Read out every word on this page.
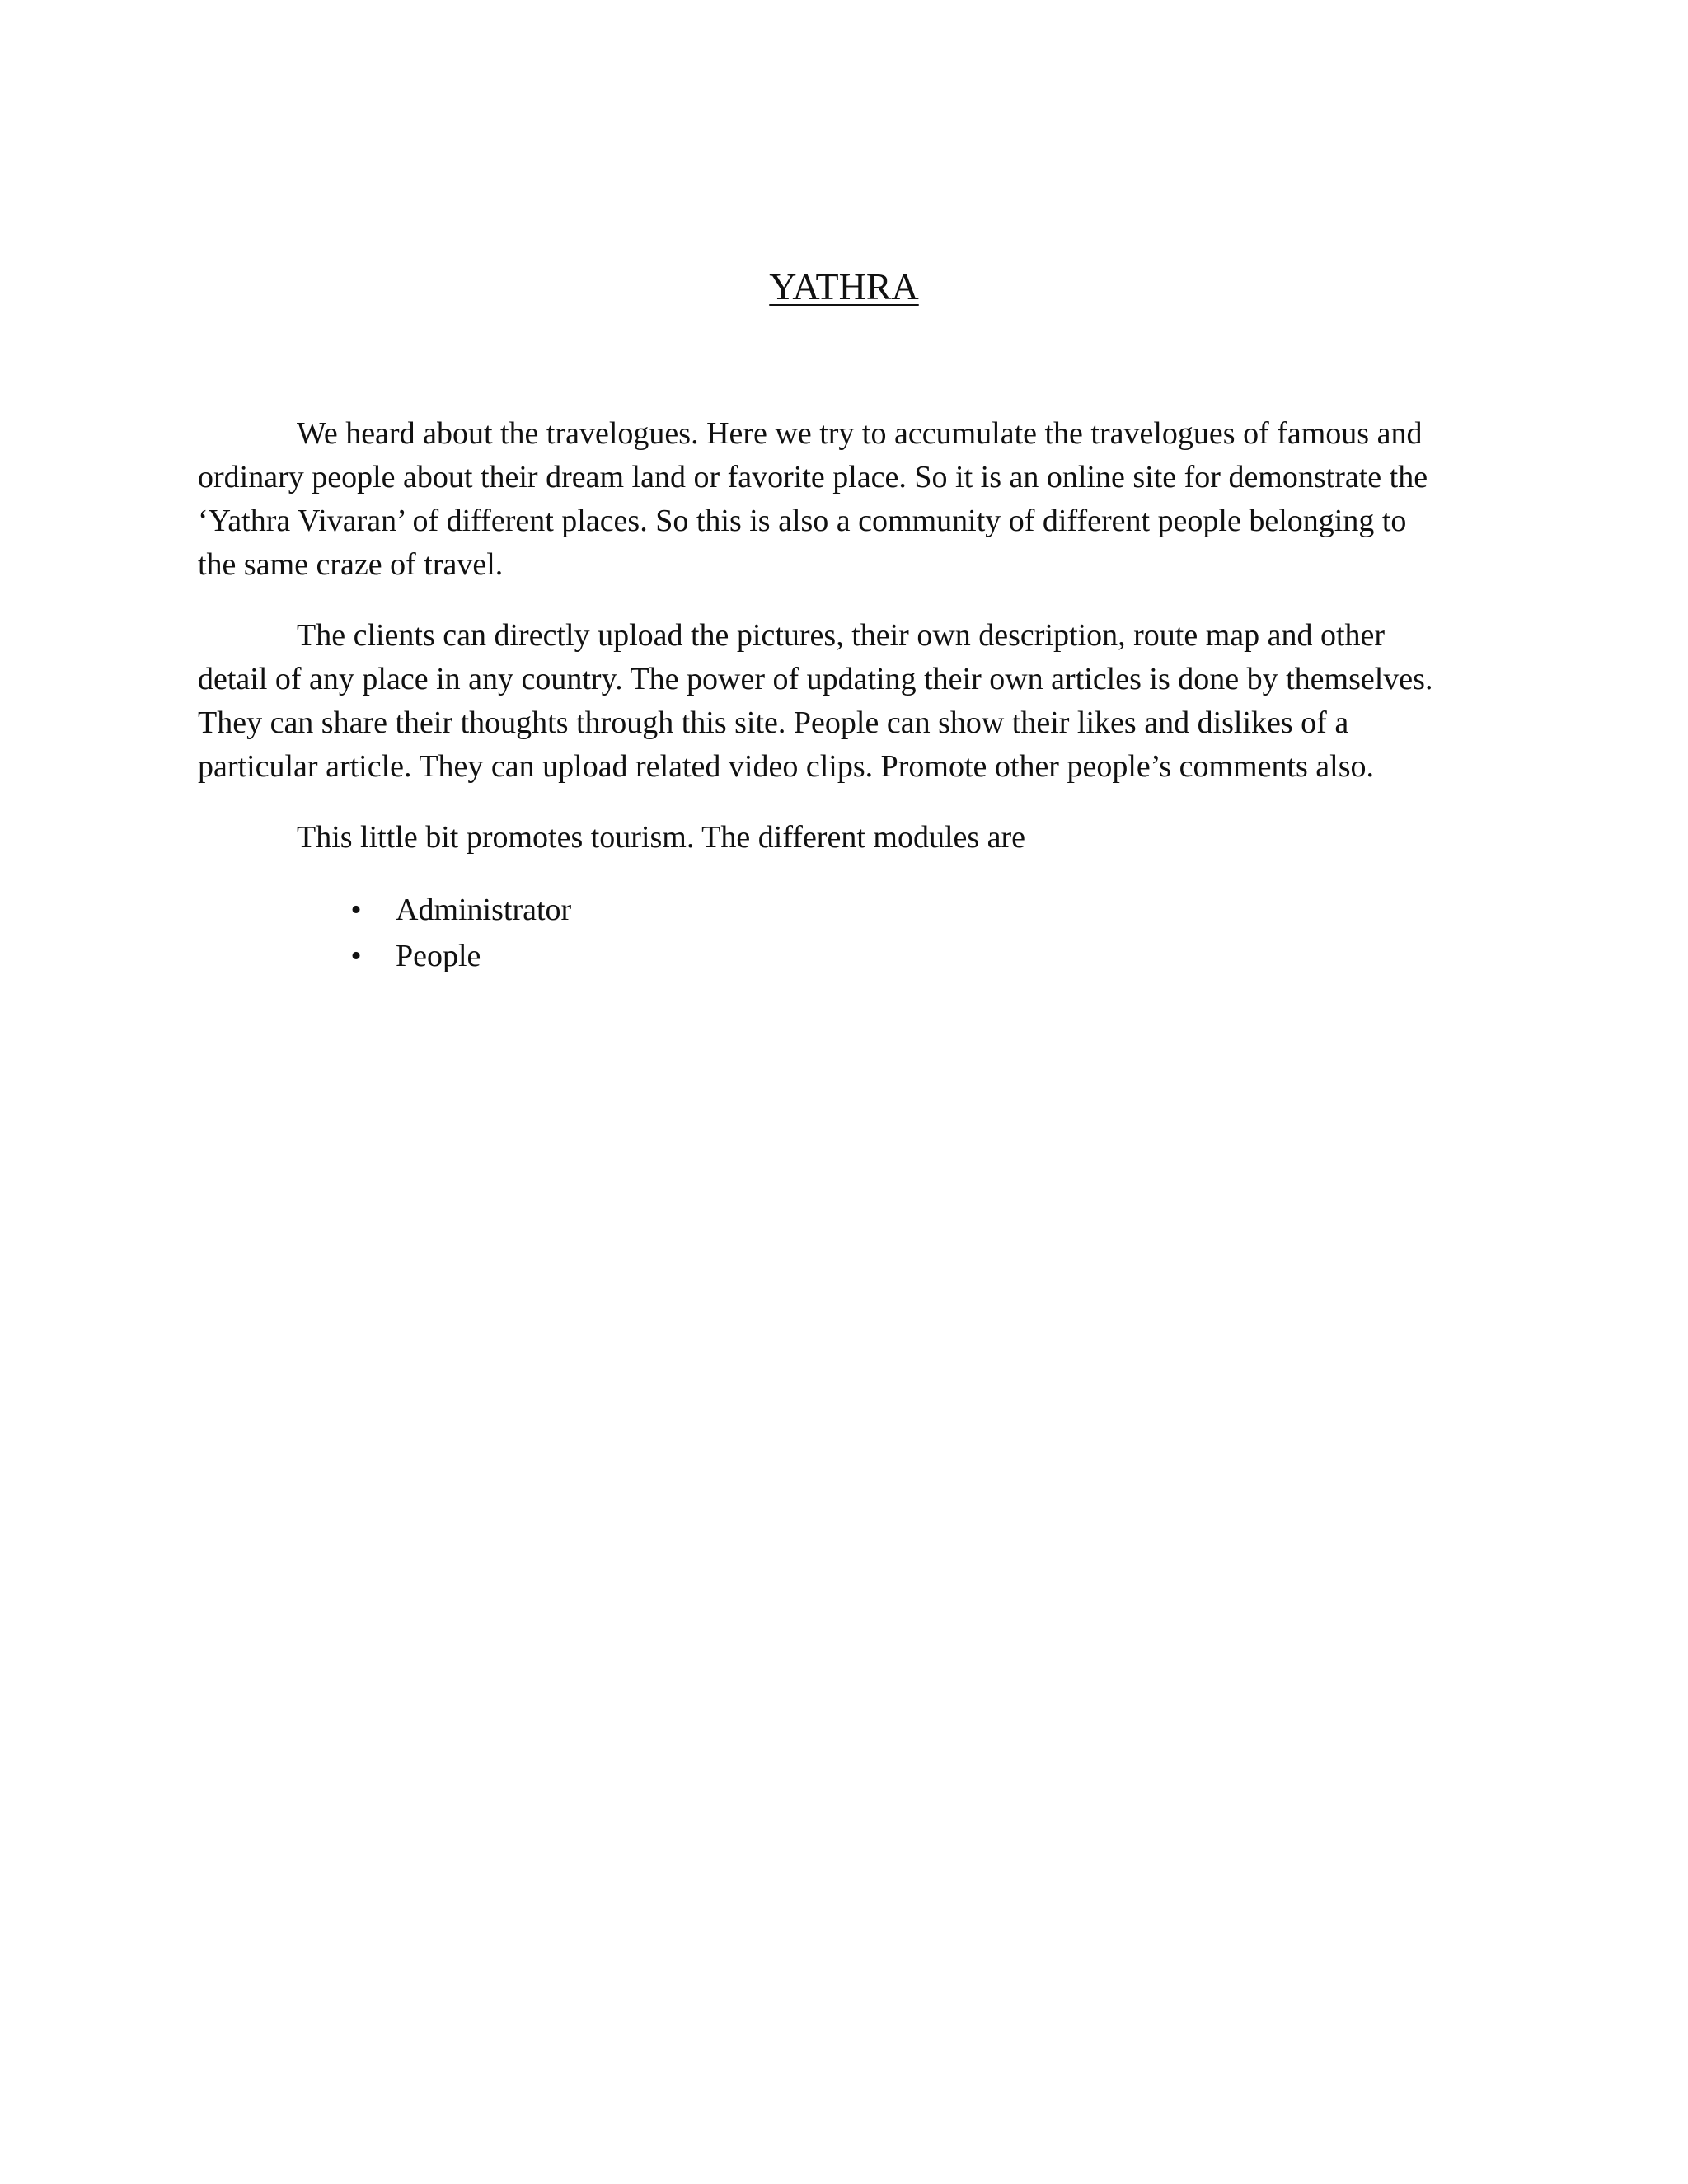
YATHRA

We heard about the travelogues. Here we try to accumulate the travelogues of famous and ordinary people about their dream land or favorite place. So it is an online site for demonstrate the ‘Yathra Vivaran’ of different places. So this is also a community of different people belonging to the same craze of travel.

The clients can directly upload the pictures, their own description, route map and other detail of any place in any country. The power of updating their own articles is done by themselves. They can share their thoughts through this site. People can show their likes and dislikes of a particular article. They can upload related video clips. Promote other people’s comments also.

This little bit promotes tourism. The different modules are

• Administrator
• People
